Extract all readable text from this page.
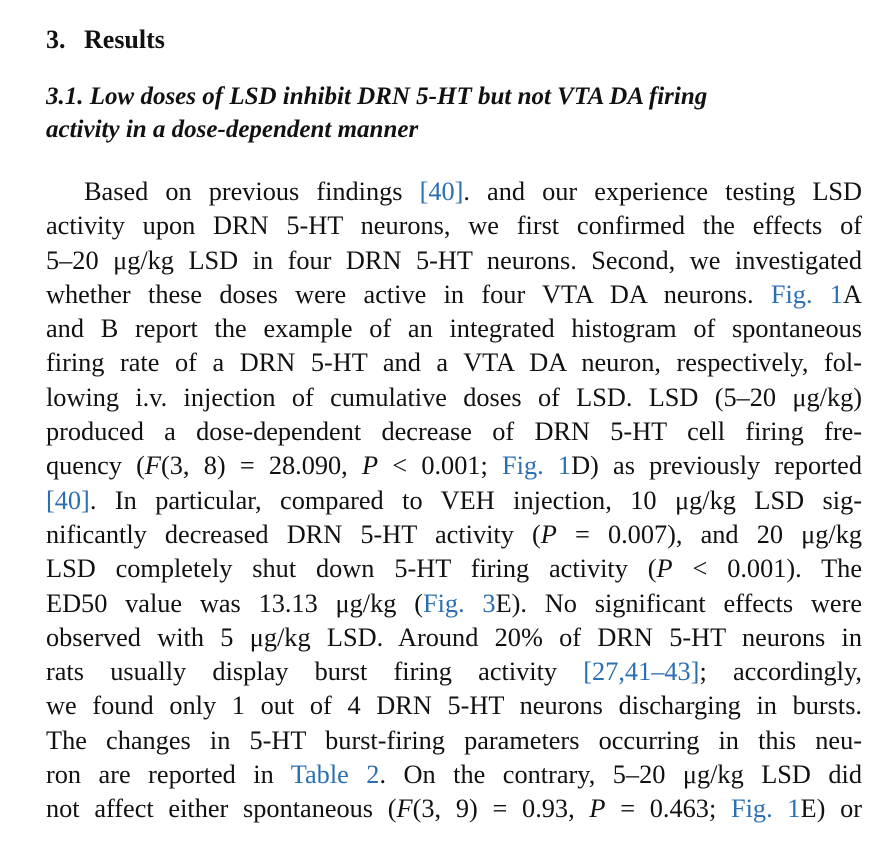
3. Results
3.1. Low doses of LSD inhibit DRN 5-HT but not VTA DA firing
activity in a dose-dependent manner
Based on previous findings [40]. and our experience testing LSD
activity upon DRN 5-HT neurons, we first confirmed the effects of
5–20 μg/kg LSD in four DRN 5-HT neurons. Second, we investigated
whether these doses were active in four VTA DA neurons. Fig. 1A
and B report the example of an integrated histogram of spontaneous
firing rate of a DRN 5-HT and a VTA DA neuron, respectively, fol-
lowing i.v. injection of cumulative doses of LSD. LSD (5–20 μg/kg)
produced a dose-dependent decrease of DRN 5-HT cell firing fre-
quency (F(3, 8) = 28.090, P < 0.001; Fig. 1D) as previously reported
[40]. In particular, compared to VEH injection, 10 μg/kg LSD sig-
nificantly decreased DRN 5-HT activity (P = 0.007), and 20 μg/kg
LSD completely shut down 5-HT firing activity (P < 0.001). The
ED50 value was 13.13 μg/kg (Fig. 3E). No significant effects were
observed with 5 μg/kg LSD. Around 20% of DRN 5-HT neurons in
rats usually display burst firing activity [27,41–43]; accordingly,
we found only 1 out of 4 DRN 5-HT neurons discharging in bursts.
The changes in 5-HT burst-firing parameters occurring in this neu-
ron are reported in Table 2. On the contrary, 5–20 μg/kg LSD did
not affect either spontaneous (F(3, 9) = 0.93, P = 0.463; Fig. 1E) or
